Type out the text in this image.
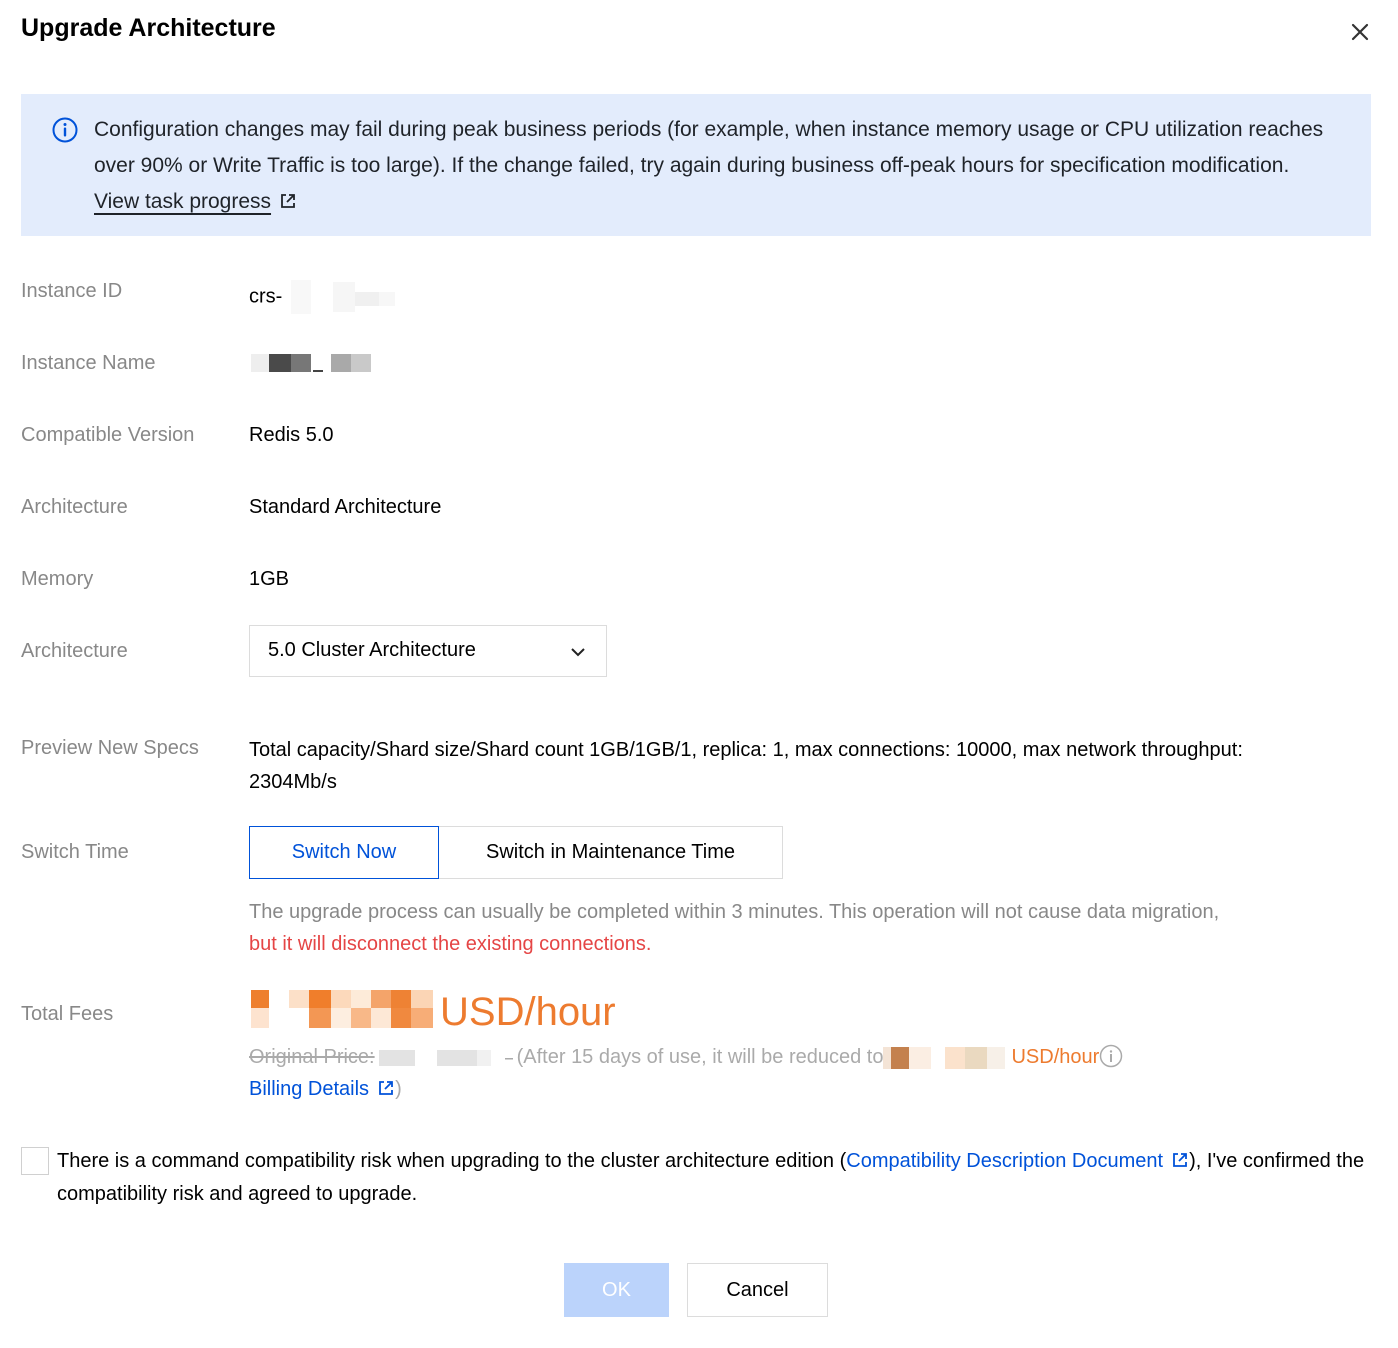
Upgrade Architecture
Configuration changes may fail during peak business periods (for example, when instance memory usage or CPU utilization reaches over 90% or Write Traffic is too large). If the change failed, try again during business off-peak hours for specification modification. View task progress
Instance ID	crs-
Instance Name
Compatible Version	Redis 5.0
Architecture	Standard Architecture
Memory	1GB
Architecture	5.0 Cluster Architecture
Preview New Specs	Total capacity/Shard size/Shard count 1GB/1GB/1, replica: 1, max connections: 10000, max network throughput: 2304Mb/s
Switch Time	Switch Now	Switch in Maintenance Time
The upgrade process can usually be completed within 3 minutes. This operation will not cause data migration,
but it will disconnect the existing connections.
Total Fees	USD/hour
Original Price:	(After 15 days of use, it will be reduced to	USD/hour
Billing Details )
There is a command compatibility risk when upgrading to the cluster architecture edition (Compatibility Description Document ), I've confirmed the compatibility risk and agreed to upgrade.
OK	Cancel
